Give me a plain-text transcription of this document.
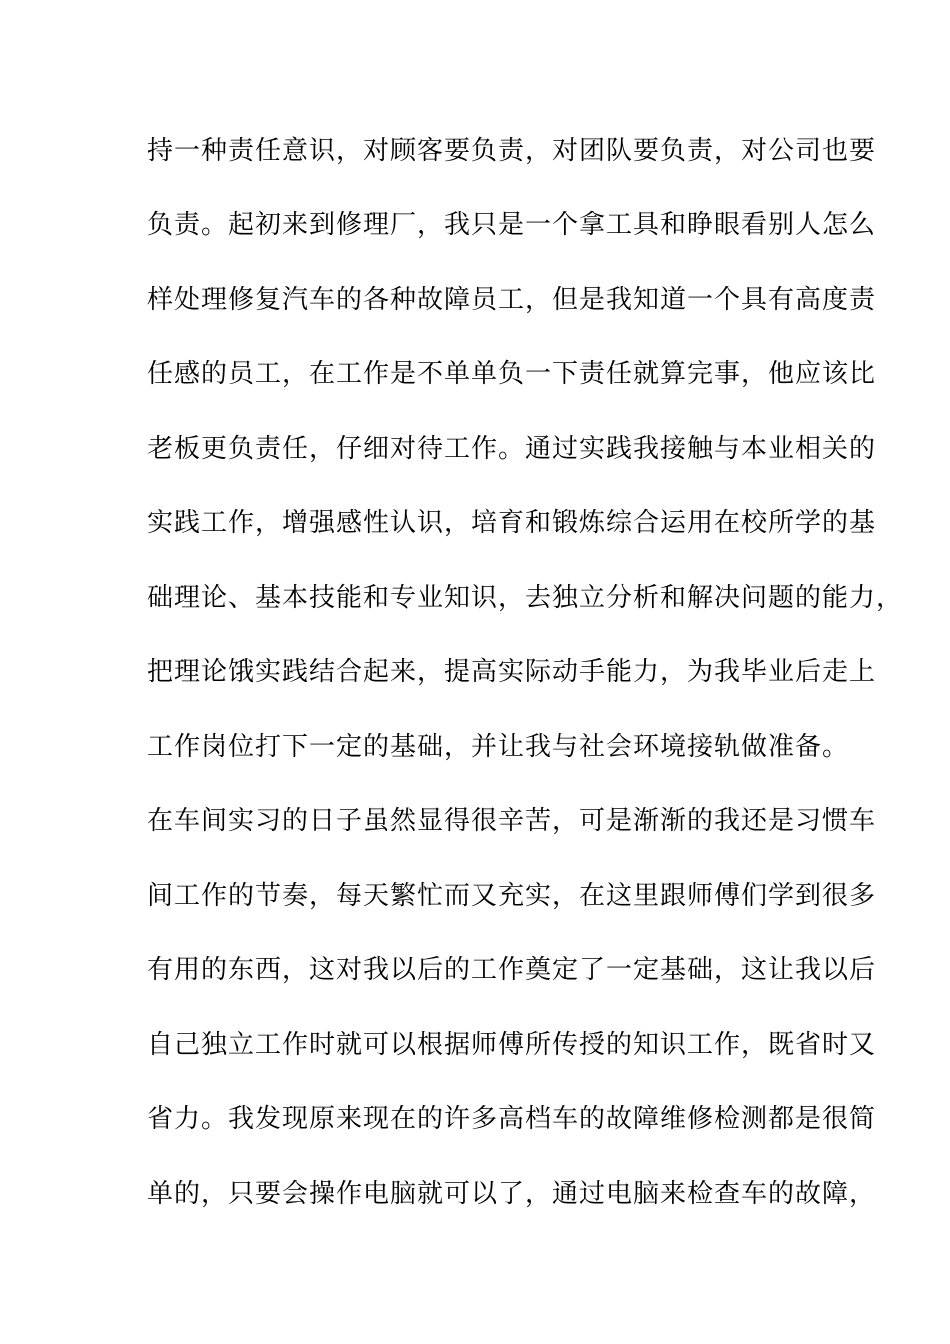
持一种责任意识，对顾客要负责，对团队要负责，对公司也要
负责。起初来到修理厂，我只是一个拿工具和睁眼看别人怎么
样处理修复汽车的各种故障员工，但是我知道一个具有高度责
任感的员工，在工作是不单单负一下责任就算完事，他应该比
老板更负责任，仔细对待工作。通过实践我接触与本业相关的
实践工作，增强感性认识，培育和锻炼综合运用在校所学的基
础理论、基本技能和专业知识，去独立分析和解决问题的能力，
把理论饿实践结合起来，提高实际动手能力，为我毕业后走上
工作岗位打下一定的基础，并让我与社会环境接轨做准备。
在车间实习的日子虽然显得很辛苦，可是渐渐的我还是习惯车
间工作的节奏，每天繁忙而又充实，在这里跟师傅们学到很多
有用的东西，这对我以后的工作奠定了一定基础，这让我以后
自己独立工作时就可以根据师傅所传授的知识工作，既省时又
省力。我发现原来现在的许多高档车的故障维修检测都是很简
单的，只要会操作电脑就可以了，通过电脑来检查车的故障，
